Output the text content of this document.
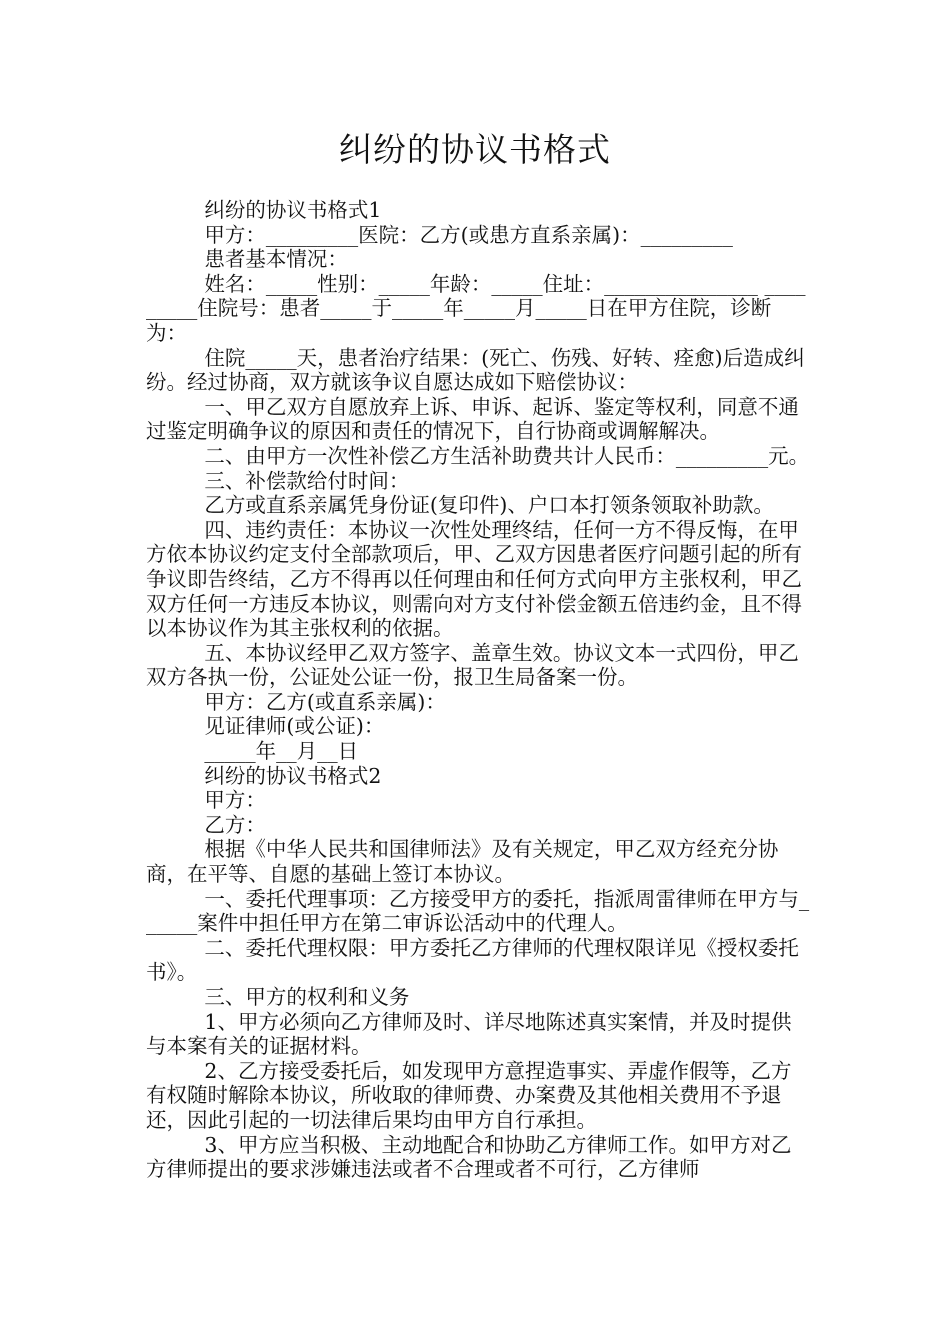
纠纷的协议书格式

纠纷的协议书格式1

甲方：_________医院：乙方(或患方直系亲属)：_________

患者基本情况：

姓名：_____性别：_____年龄：_____住址：_______________ _________住院号：患者_____于_____年_____月_____日在甲方住院，诊断为：

住院_____天，患者治疗结果：(死亡、伤残、好转、痊愈)后造成纠纷。经过协商，双方就该争议自愿达成如下赔偿协议：

一、甲乙双方自愿放弃上诉、申诉、起诉、鉴定等权利，同意不通过鉴定明确争议的原因和责任的情况下，自行协商或调解解决。

二、由甲方一次性补偿乙方生活补助费共计人民币：_________元。

三、补偿款给付时间：

乙方或直系亲属凭身份证(复印件)、户口本打领条领取补助款。

四、违约责任：本协议一次性处理终结，任何一方不得反悔，在甲方依本协议约定支付全部款项后，甲、乙双方因患者医疗问题引起的所有争议即告终结，乙方不得再以任何理由和任何方式向甲方主张权利，甲乙双方任何一方违反本协议，则需向对方支付补偿金额五倍违约金，且不得以本协议作为其主张权利的依据。

五、本协议经甲乙双方签字、盖章生效。协议文本一式四份，甲乙双方各执一份，公证处公证一份，报卫生局备案一份。

甲方：乙方(或直系亲属)：

见证律师(或公证)：

_____年__月__日

纠纷的协议书格式2

甲方：

乙方：

根据《中华人民共和国律师法》及有关规定，甲乙双方经充分协商，在平等、自愿的基础上签订本协议。

一、委托代理事项：乙方接受甲方的委托，指派周雷律师在甲方与______案件中担任甲方在第二审诉讼活动中的代理人。

二、委托代理权限：甲方委托乙方律师的代理权限详见《授权委托书》。

三、甲方的权利和义务

1、甲方必须向乙方律师及时、详尽地陈述真实案情，并及时提供与本案有关的证据材料。

2、乙方接受委托后，如发现甲方意捏造事实、弄虚作假等，乙方有权随时解除本协议，所收取的律师费、办案费及其他相关费用不予退还，因此引起的一切法律后果均由甲方自行承担。

3、甲方应当积极、主动地配合和协助乙方律师工作。如甲方对乙方律师提出的要求涉嫌违法或者不合理或者不可行，乙方律师
